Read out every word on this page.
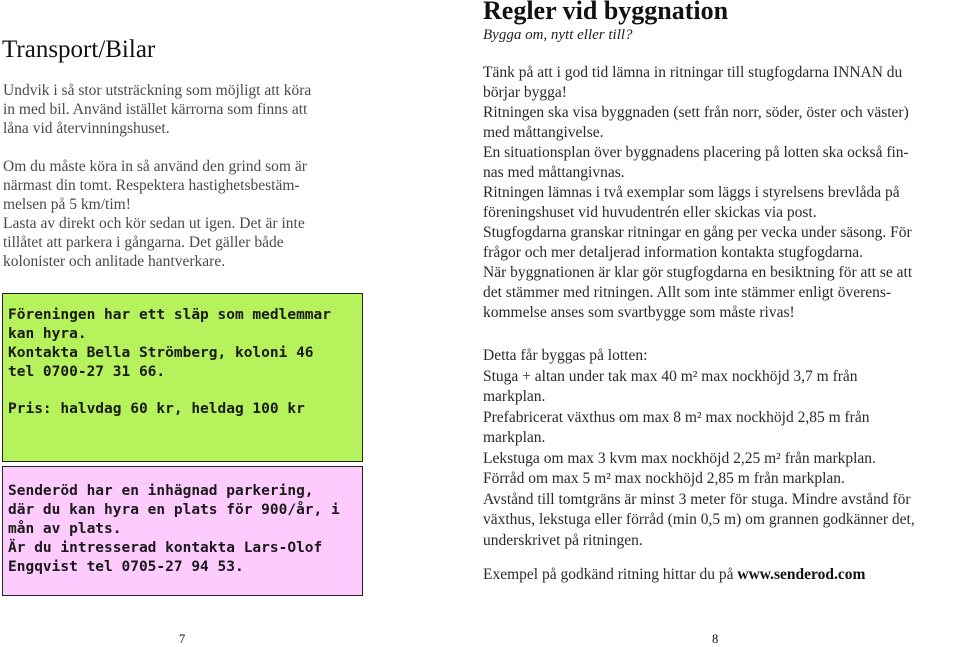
Transport/Bilar
Undvik i så stor utsträckning som möjligt att köra
in med bil. Använd istället kärrorna som finns att
låna vid återvinningshuset.
Om du måste köra in så använd den grind som är
närmast din tomt. Respektera hastighetsbestäm-
melsen på 5 km/tim!
Lasta av direkt och kör sedan ut igen. Det är inte
tillåtet att parkera i gångarna. Det gäller både
kolonister och anlitade hantverkare.
Föreningen har ett släp som medlemmar
kan hyra.
Kontakta Bella Strömberg, koloni 46
tel 0700-27 31 66.
Pris: halvdag 60 kr, heldag 100 kr
Senderöd har en inhägnad parkering,
där du kan hyra en plats för 900/år, i
mån av plats.
Är du intresserad kontakta Lars-Olof
Engqvist tel 0705-27 94 53.
7
Regler vid byggnation
Bygga om, nytt eller till?
Tänk på att i god tid lämna in ritningar till stugfogdarna INNAN du
börjar bygga!
Ritningen ska visa byggnaden (sett från norr, söder, öster och väster)
med måttangivelse.
En situationsplan över byggnadens placering på lotten ska också fin-
nas med måttangivnas.
Ritningen lämnas i två exemplar som läggs i styrelsens brevlåda på
föreningshuset vid huvudentrén eller skickas via post.
Stugfogdarna granskar ritningar en gång per vecka under säsong. För
frågor och mer detaljerad information kontakta stugfogdarna.
När byggnationen är klar gör stugfogdarna en besiktning för att se att
det stämmer med ritningen. Allt som inte stämmer enligt överens-
kommelse anses som svartbygge som måste rivas!
Detta får byggas på lotten:
Stuga + altan under tak max 40 m² max nockhöjd 3,7 m från
markplan.
Prefabricerat växthus om max 8 m² max nockhöjd 2,85 m från
markplan.
Lekstuga om max 3 kvm max nockhöjd 2,25 m² från markplan.
Förråd om max 5 m² max nockhöjd 2,85 m från markplan.
Avstånd till tomtgräns är minst 3 meter för stuga. Mindre avstånd för
växthus, lekstuga eller förråd (min 0,5 m) om grannen godkänner det,
underskrivet på ritningen.
Exempel på godkänd ritning hittar du på www.senderod.com
8
